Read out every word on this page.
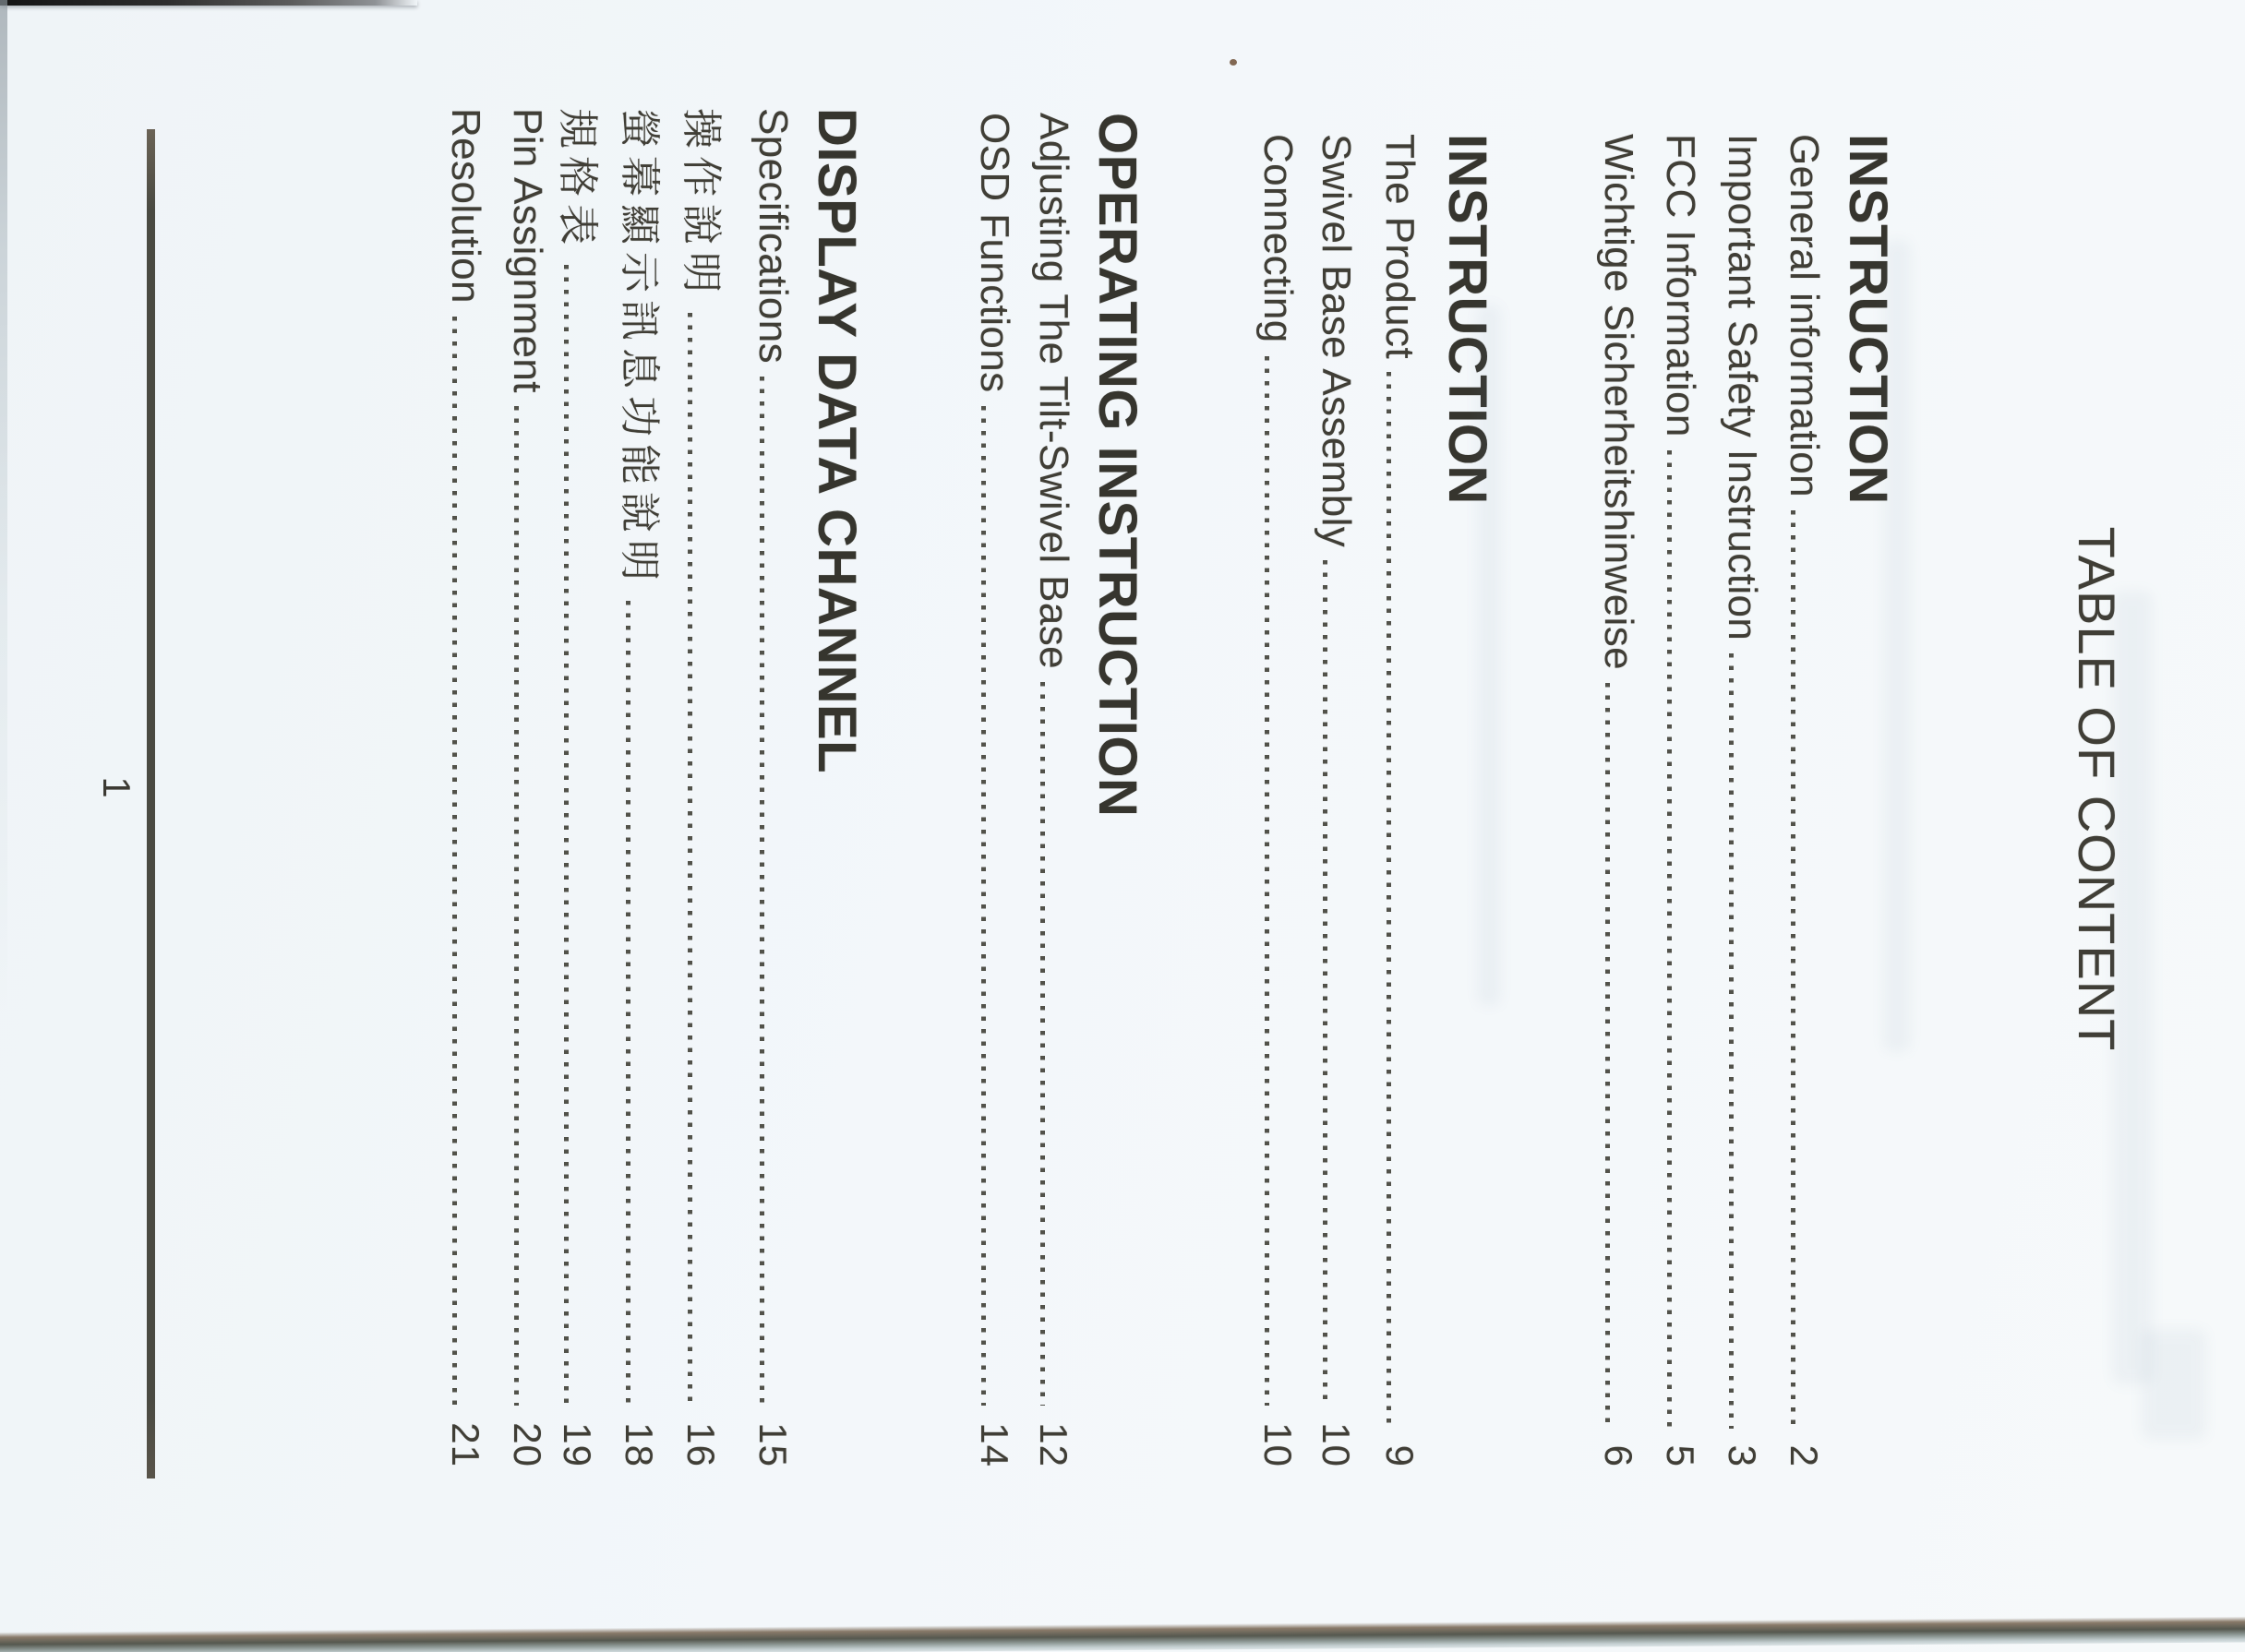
TABLE OF CONTENT
INSTRUCTION
General information
2
Important Safety Instruction
3
FCC Information
5
Wichtige Sicherheitshinweise
6
INSTRUCTION
The Product
9
Swivel Base Assembly
10
Connecting
10
OPERATING INSTRUCTION
Adjusting The Tilt-Swivel Base
12
OSD Functions
14
DISPLAY DATA CHANNEL
Specifications
15
操作說明
16
螢幕顯示訊息功能說明
18
規格表
19
Pin Assignment
20
Resolution
21
1
